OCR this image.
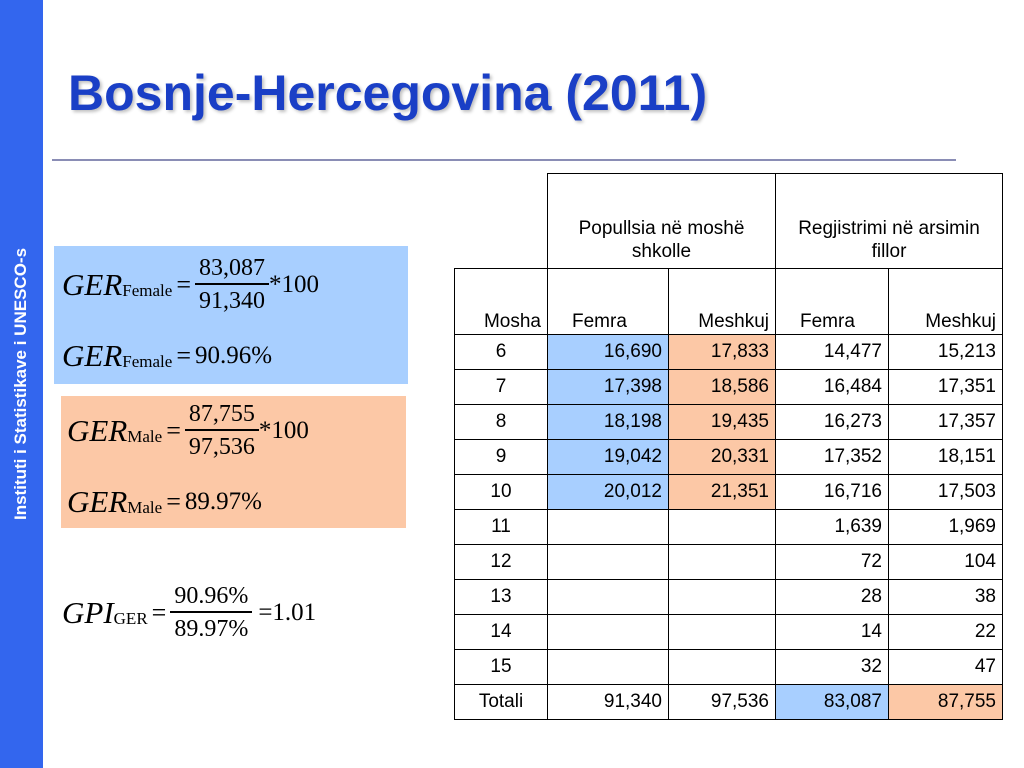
Instituti i Statistikave i UNESCO-s
Bosnje-Hercegovina (2011)
GER Female = $\frac{83,087}{91,340} *100$
GER Female = 90.96%
GER Male = $\frac{87,755}{97,536} *100$
GER Male = 89.97%
GPI GER = $\frac{90.96\%}{89.97\%} =1.01$
	Popullsia në moshë shkolle		Regjistrimi në arsimin fillor	
Mosha	Femra	Meshkuj	Femra	Meshkuj
6	16,690	17,833	14,477	15,213
7	17,398	18,586	16,484	17,351
8	18,198	19,435	16,273	17,357
9	19,042	20,331	17,352	18,151
10	20,012	21,351	16,716	17,503
11			1,639	1,969
12			72	104
13			28	38
14			14	22
15			32	47
Totali	91,340	97,536	83,087	87,755
